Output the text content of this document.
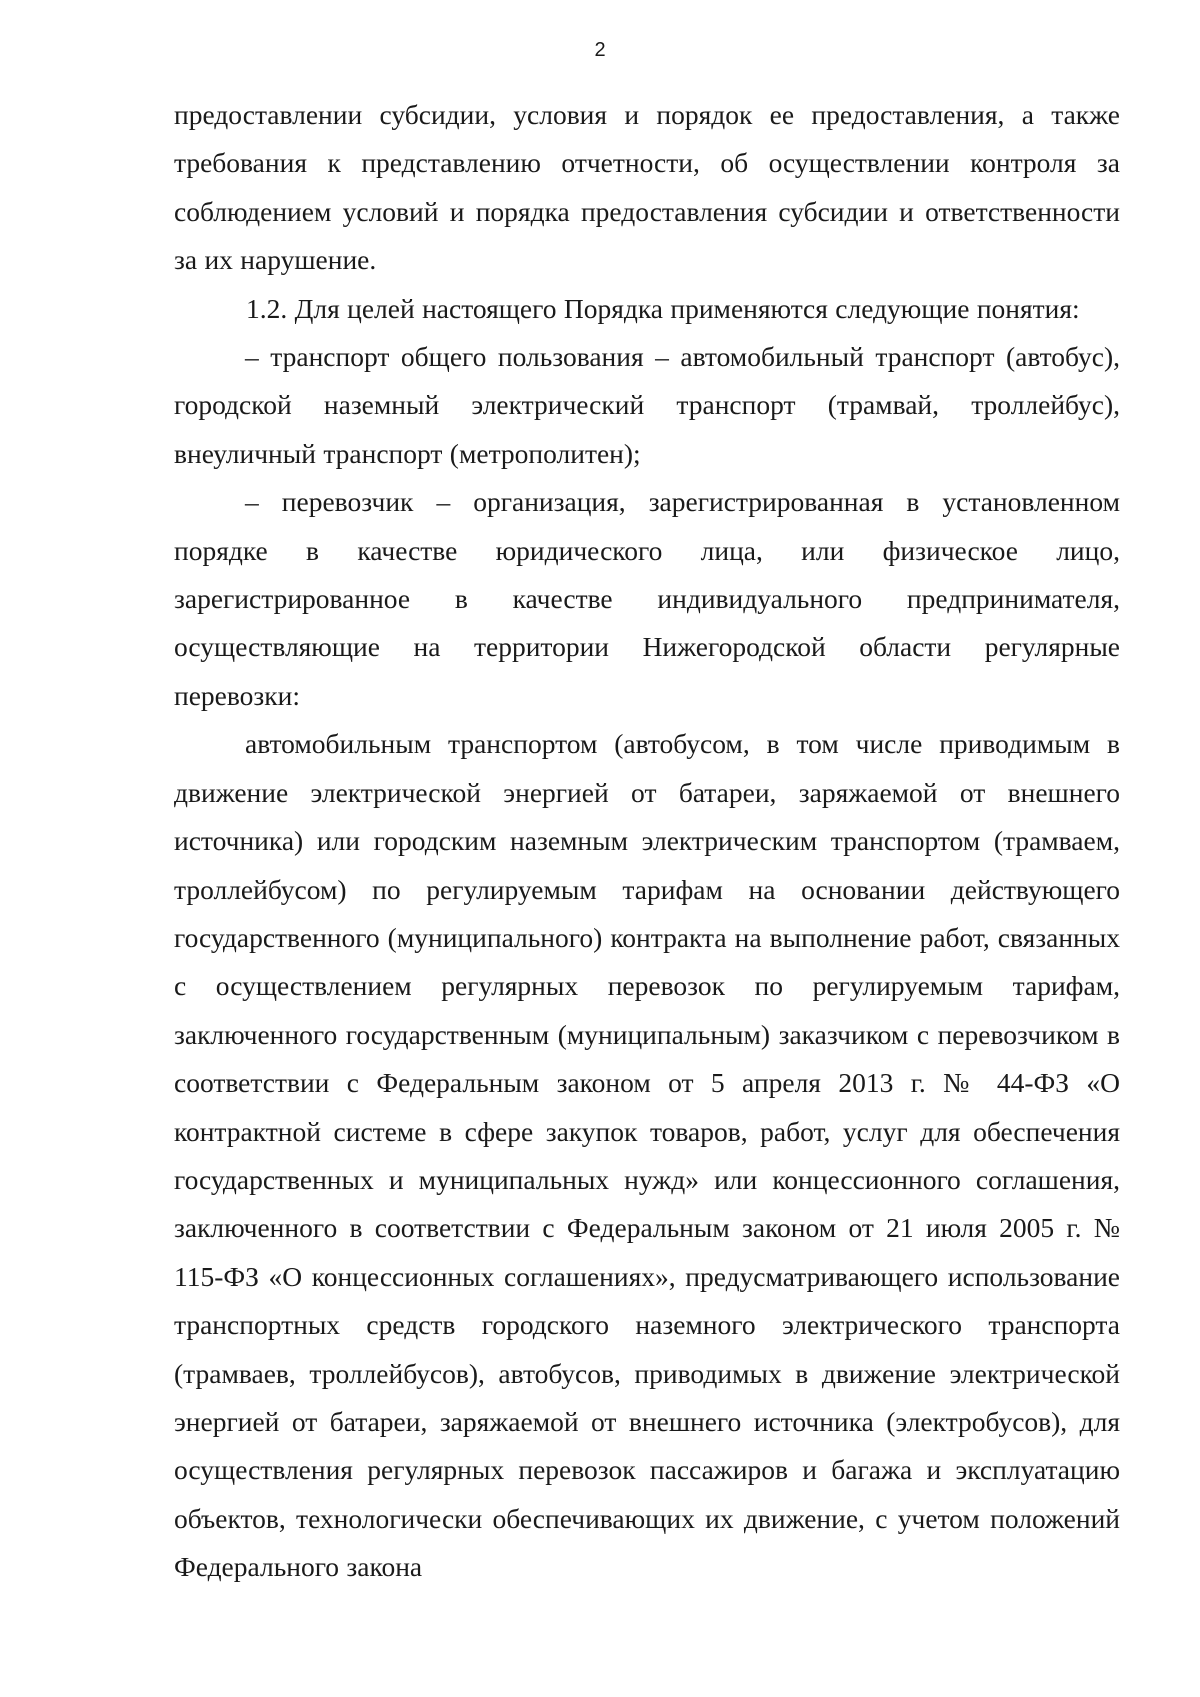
2

предоставлении субсидии, условия и порядок ее предоставления, а также требования к представлению отчетности, об осуществлении контроля за соблюдением условий и порядка предоставления субсидии и ответственности за их нарушение.

1.2. Для целей настоящего Порядка применяются следующие понятия:

– транспорт общего пользования – автомобильный транспорт (автобус), городской наземный электрический транспорт (трамвай, троллейбус), внеуличный транспорт (метрополитен);

– перевозчик – организация, зарегистрированная в установленном порядке в качестве юридического лица, или физическое лицо, зарегистрированное в качестве индивидуального предпринимателя, осуществляющие на территории Нижегородской области регулярные перевозки:

автомобильным транспортом (автобусом, в том числе приводимым в движение электрической энергией от батареи, заряжаемой от внешнего источника) или городским наземным электрическим транспортом (трамваем, троллейбусом) по регулируемым тарифам на основании действующего государственного (муниципального) контракта на выполнение работ, связанных с осуществлением регулярных перевозок по регулируемым тарифам, заключенного государственным (муниципальным) заказчиком с перевозчиком в соответствии с Федеральным законом от 5 апреля 2013 г. № 44-ФЗ «О контрактной системе в сфере закупок товаров, работ, услуг для обеспечения государственных и муниципальных нужд» или концессионного соглашения, заключенного в соответствии с Федеральным законом от 21 июля 2005 г. № 115-ФЗ «О концессионных соглашениях», предусматривающего использование транспортных средств городского наземного электрического транспорта (трамваев, троллейбусов), автобусов, приводимых в движение электрической энергией от батареи, заряжаемой от внешнего источника (электробусов), для осуществления регулярных перевозок пассажиров и багажа и эксплуатацию объектов, технологически обеспечивающих их движение, с учетом положений Федерального закона
